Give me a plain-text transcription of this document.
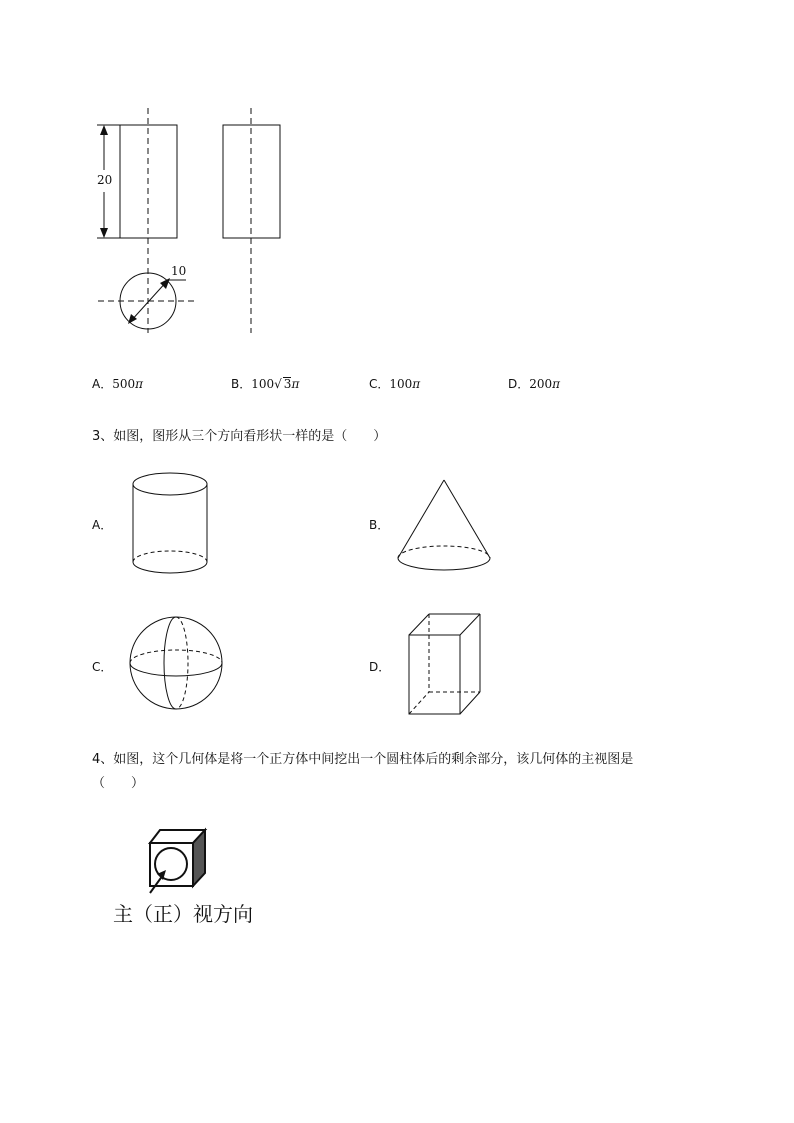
20
10
A．500π	B．100√ 3π	C．100π	D．200π
3、如图，图形从三个方向看形状一样的是（　　）
A．	B．
C．	D．
4、如图，这个几何体是将一个正方体中间挖出一个圆柱体后的剩余部分，该几何体的主视图是
（　　）
主（正）视方向
